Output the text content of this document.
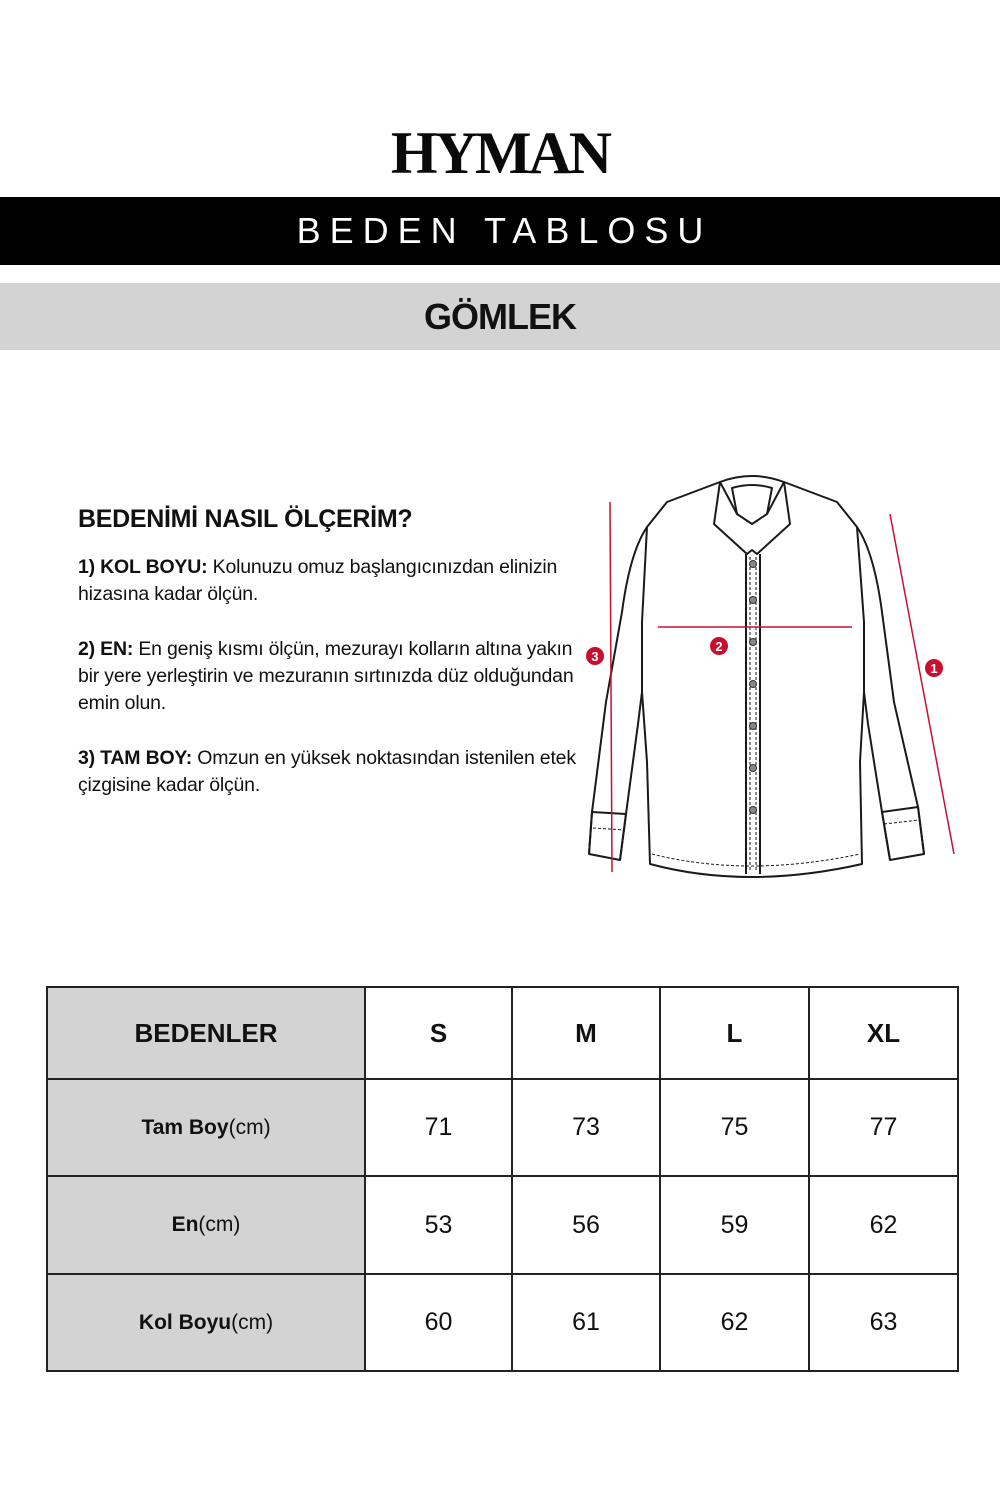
HYMAN
BEDEN TABLOSU
GÖMLEK
BEDENİMİ NASIL ÖLÇERİM?

1) KOL BOYU: Kolunuzu omuz başlangıcınızdan elinizin hizasına kadar ölçün.

2) EN: En geniş kısmı ölçün, mezurayı kolların altına yakın bir yere yerleştirin ve mezuranın sırtınızda düz olduğundan emin olun.

3) TAM BOY: Omzun en yüksek noktasından istenilen etek çizgisine kadar ölçün.

3
2
1
BEDENLER	S	M	L	XL
Tam Boy(cm)	71	73	75	77
En(cm)	53	56	59	62
Kol Boyu(cm)	60	61	62	63
